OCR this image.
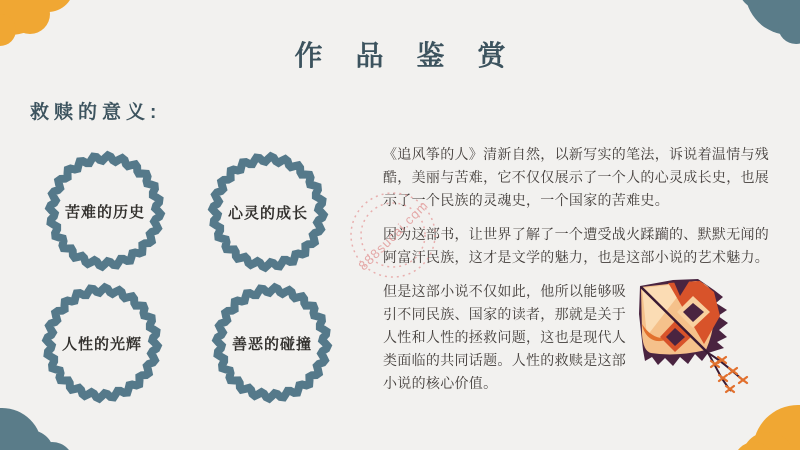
作品鉴赏
救赎的意义:
苦难的历史	心灵的成长
人性的光辉	善恶的碰撞

《追风筝的人》清新自然，以新写实的笔法，诉说着温情与残酷，美丽与苦难，它不仅仅展示了一个人的心灵成长史，也展示了一个民族的灵魂史，一个国家的苦难史。

因为这部书，让世界了解了一个遭受战火蹂躏的、默默无闻的阿富汗民族，这才是文学的魅力，也是这部小说的艺术魅力。

但是这部小说不仅如此，他所以能够吸引不同民族、国家的读者，那就是关于人性和人性的拯救问题，这也是现代人类面临的共同话题。人性的救赎是这部小说的核心价值。

888sucai.com
